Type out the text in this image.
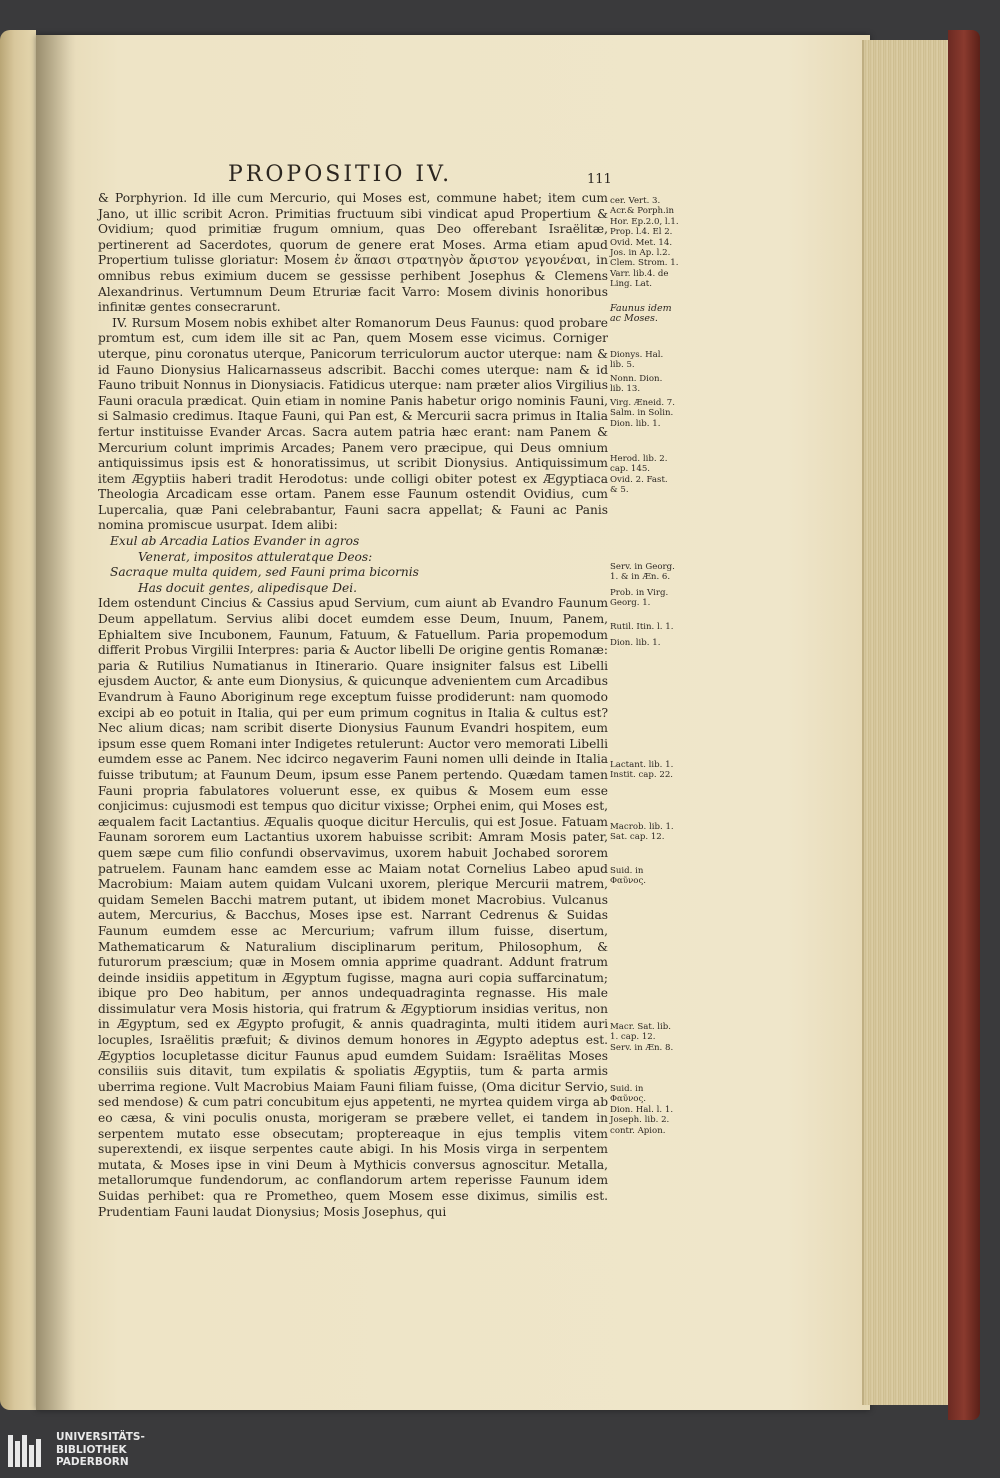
PROPOSITIO IV.	111

& Porphyrion. Id ille cum Mercurio, qui Moses est, commune habet; item cum Jano, ut illic scribit Acron. Primitias fructuum sibi vindicat apud Propertium & Ovidium; quod primitiæ frugum omnium, quas Deo offerebant Israëlitæ, pertinerent ad Sacerdotes, quorum de genere erat Moses. Arma etiam apud Propertium tulisse gloriatur: Mosem ἐν ἅπασι στρατηγὸν ἄριστον γεγονέναι, in omnibus rebus eximium ducem se gessisse perhibent Josephus & Clemens Alexandrinus. Vertumnum Deum Etruriæ facit Varro: Mosem divinis honoribus infinitæ gentes consecrarunt.

IV. Rursum Mosem nobis exhibet alter Romanorum Deus Faunus: quod probare promtum est, cum idem ille sit ac Pan, quem Mosem esse vicimus. Corniger uterque, pinu coronatus uterque, Panicorum terriculorum auctor uterque: nam & id Fauno Dionysius Halicarnasseus adscribit. Bacchi comes uterque: nam & id Fauno tribuit Nonnus in Dionysiacis. Fatidicus uterque: nam præter alios Virgilius Fauni oracula prædicat. Quin etiam in nomine Panis habetur origo nominis Fauni, si Salmasio credimus. Itaque Fauni, qui Pan est, & Mercurii sacra primus in Italia fertur instituisse Evander Arcas. Sacra autem patria hæc erant: nam Panem & Mercurium colunt imprimis Arcades; Panem vero præcipue, qui Deus omnium antiquissimus ipsis est & honoratissimus, ut scribit Dionysius. Antiquissimum item Ægyptiis haberi tradit Herodotus: unde colligi obiter potest ex Ægyptiaca Theologia Arcadicam esse ortam. Panem esse Faunum ostendit Ovidius, cum Lupercalia, quæ Pani celebrabantur, Fauni sacra appellat; & Fauni ac Panis nomina promiscue usurpat. Idem alibi:

Exul ab Arcadia Latios Evander in agros
Venerat, impositos attuleratque Deos:
Sacraque multa quidem, sed Fauni prima bicornis
Has docuit gentes, alipedisque Dei.

Idem ostendunt Cincius & Cassius apud Servium, cum aiunt ab Evandro Faunum Deum appellatum. Servius alibi docet eumdem esse Deum, Inuum, Panem, Ephialtem sive Incubonem, Faunum, Fatuum, & Fatuellum. Paria propemodum differit Probus Virgilii Interpres: paria & Auctor libelli De origine gentis Romanæ: paria & Rutilius Numatianus in Itinerario. Quare insigniter falsus est Libelli ejusdem Auctor, & ante eum Dionysius, & quicunque advenientem cum Arcadibus Evandrum à Fauno Aboriginum rege exceptum fuisse prodiderunt: nam quomodo excipi ab eo potuit in Italia, qui per eum primum cognitus in Italia & cultus est? Nec alium dicas; nam scribit diserte Dionysius Faunum Evandri hospitem, eum ipsum esse quem Romani inter Indigetes retulerunt: Auctor vero memorati Libelli eumdem esse ac Panem. Nec idcirco negaverim Fauni nomen ulli deinde in Italia fuisse tributum; at Faunum Deum, ipsum esse Panem pertendo. Quædam tamen Fauni propria fabulatores voluerunt esse, ex quibus & Mosem eum esse conjicimus: cujusmodi est tempus quo dicitur vixisse; Orphei enim, qui Moses est, æqualem facit Lactantius. Æqualis quoque dicitur Herculis, qui est Josue. Fatuam Faunam sororem eum Lactantius uxorem habuisse scribit: Amram Mosis pater, quem sæpe cum filio confundi observavimus, uxorem habuit Jochabed sororem patruelem. Faunam hanc eamdem esse ac Maiam notat Cornelius Labeo apud Macrobium: Maiam autem quidam Vulcani uxorem, plerique Mercurii matrem, quidam Semelen Bacchi matrem putant, ut ibidem monet Macrobius. Vulcanus autem, Mercurius, & Bacchus, Moses ipse est. Narrant Cedrenus & Suidas Faunum eumdem esse ac Mercurium; vafrum illum fuisse, disertum, Mathematicarum & Naturalium disciplinarum peritum, Philosophum, & futurorum præscium; quæ in Mosem omnia apprime quadrant. Addunt fratrum deinde insidiis appetitum in Ægyptum fugisse, magna auri copia suffarcinatum; ibique pro Deo habitum, per annos undequadraginta regnasse. His male dissimulatur vera Mosis historia, qui fratrum & Ægyptiorum insidias veritus, non in Ægyptum, sed ex Ægypto profugit, & annis quadraginta, multi itidem auri locuples, Israëlitis præfuit; & divinos demum honores in Ægypto adeptus est. Ægyptios locupletasse dicitur Faunus apud eumdem Suidam: Israëlitas Moses consiliis suis ditavit, tum expilatis & spoliatis Ægyptiis, tum & parta armis uberrima regione. Vult Macrobius Maiam Fauni filiam fuisse, (Oma dicitur Servio, sed mendose) & cum patri concubitum ejus appetenti, ne myrtea quidem virga ab eo cæsa, & vini poculis onusta, morigeram se præbere vellet, ei tandem in serpentem mutato esse obsecutam; proptereaque in ejus templis vitem superextendi, ex iisque serpentes caute abigi. In his Mosis virga in serpentem mutata, & Moses ipse in vini Deum à Mythicis conversus agnoscitur. Metalla, metallorumque fundendorum, ac conflandorum artem reperisse Faunum idem Suidas perhibet: qua re Prometheo, quem Mosem esse diximus, similis est. Prudentiam Fauni laudat Dionysius; Mosis Josephus, qui

cer. Vert. 3.
Acr.& Porph.in
Hor. Ep.2.0, l.1.
Prop. l.4. El 2.
Ovid. Met. 14.
Jos. in Ap. l.2.
Clem. Strom. 1.
Varr. lib.4. de
Ling. Lat.
Faunus idem
ac Moses.
Dionys. Hal.
lib. 5.
Nonn. Dion.
lib. 13.
Virg. Æneid. 7.
Salm. in Solin.
Dion. lib. 1.
Herod. lib. 2.
cap. 145.
Ovid. 2. Fast.
& 5.
Serv. in Georg.
1. & in Æn. 6.
Prob. in Virg.
Georg. 1.
Rutil. Itin. l. 1.
Dion. lib. 1.
Lactant. lib. 1.
Instit. cap. 22.
Macrob. lib. 1.
Sat. cap. 12.
Suid. in
Φαῦνος.
Macr. Sat. lib.
1. cap. 12.
Serv. in Æn. 8.
Suid. in
Φαῦνος.
Dion. Hal. l. 1.
Joseph. lib. 2.
contr. Apion.
UNIVERSITÄTS-
BIBLIOTHEK
PADERBORN
